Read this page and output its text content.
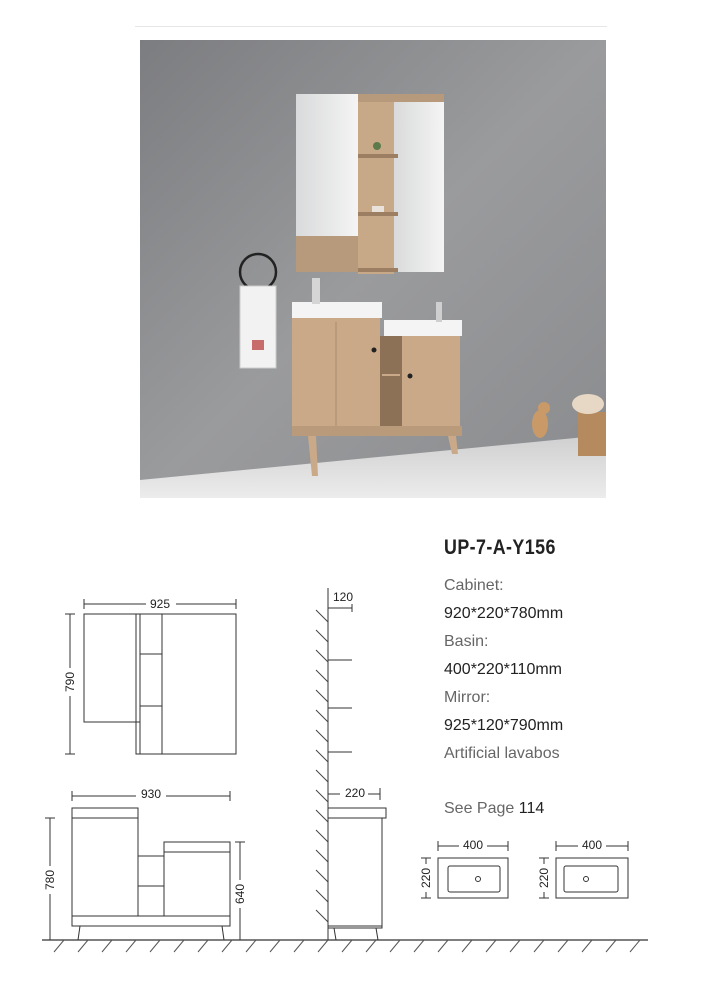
UP-7-A-Y156
Cabinet:
920*220*780mm
Basin:
400*220*110mm
Mirror:
925*120*790mm
Artificial lavabos
See Page 114
925
790
120
220
930
780
640
400
220
400
220
